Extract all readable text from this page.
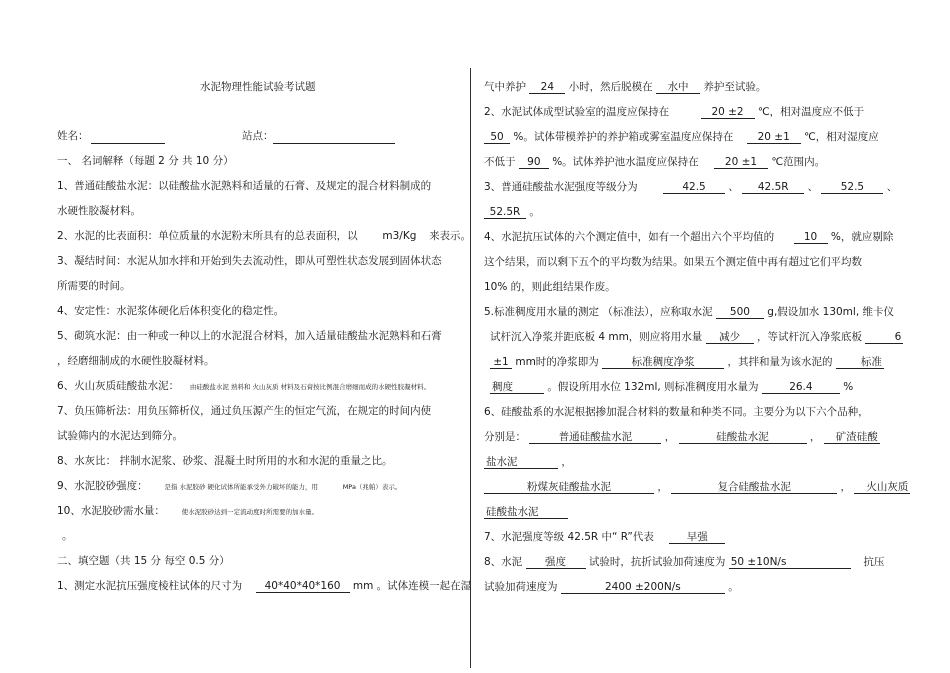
水泥物理性能试验考试题
姓名：	站点：
一、 名词解释（每题 2 分 共 10 分）
1、普通硅酸盐水泥：以硅酸盐水泥熟料和适量的石膏、及规定的混合材料制成的
水硬性胶凝材料。
2、水泥的比表面积：单位质量的水泥粉末所具有的总表面积，以 m3/Kg 来表示。
3、凝结时间：水泥从加水拌和开始到失去流动性，即从可塑性状态发展到固体状态
所需要的时间。
4、安定性：水泥浆体硬化后体积变化的稳定性。
5、砌筑水泥：由一种或一种以上的水泥混合材料，加入适量硅酸盐水泥熟料和石膏
，经磨细制成的水硬性胶凝材料。
6、火山灰质硅酸盐水泥： 由硅酸盐水泥 熟料和 火山灰质 材料及石膏按比例混合磨细而成的水硬性胶凝材料。
7、负压筛析法：用负压筛析仪，通过负压源产生的恒定气流，在规定的时间内使
试验筛内的水泥达到筛分。
8、水灰比： 拌制水泥浆、砂浆、混凝土时所用的水和水泥的重量之比。
9、水泥胶砂强度：	是指 水泥胶砂 硬化试体所能承受外力破坏的能力，用	MPa（兆帕）表示。
10、水泥胶砂需水量：	使水泥胶砂达到一定流动度时所需要的加水量。
。
二、填空题（共 15 分 每空 0.5 分）
1、测定水泥抗压强度棱柱试体的尺寸为 40*40*40*160 mm 。试体连模一起在湿
气中养护 24 小时，然后脱模在 水中 养护至试验。
2、水泥试体成型试验室的温度应保持在	20 ±2 ℃，相对温度应不低于
50 %。试体带模养护的养护箱或雾室温度应保持在 20 ±1 ℃，相对湿度应
不低于 90 %。试体养护池水温度应保持在	20 ±1 ℃范围内。
3、普通硅酸盐水泥强度等级分为	42.5 、 42.5R 、 52.5 、
52.5R 。
4、水泥抗压试体的六个测定值中，如有一个超出六个平均值的	10 %，就应剔除
这个结果，而以剩下五个的平均数为结果。如果五个测定值中再有超过它们平均数
10% 的，则此组结果作废。
5.标准稠度用水量的测定 （标准法），应称取水泥 500 g,假设加水 130ml, 维卡仪
试杆沉入净浆并距底板 4 mm，则应将用水量 减少 ，等试杆沉入净浆底板	6
±1 mm时的净浆即为	标准稠度净浆	，其拌和量为该水泥的	标准
稠度	。假设所用水位 132ml, 则标准稠度用水量为	26.4	%
6、硅酸盐系的水泥根据掺加混合材料的数量和种类不同。主要分为以下六个品种，
分别是：	普通硅酸盐水泥	，	硅酸盐水泥	， 矿渣硅酸
盐水泥	，
粉煤灰硅酸盐水泥	，	复合硅酸盐水泥	， 火山灰质
硅酸盐水泥
7、水泥强度等级 42.5R 中“ R”代表	早强
8、水泥 强度 试验时，抗折试验加荷速度为 50 ±10N/s	抗压
试验加荷速度为	2400 ±200N/s	。
